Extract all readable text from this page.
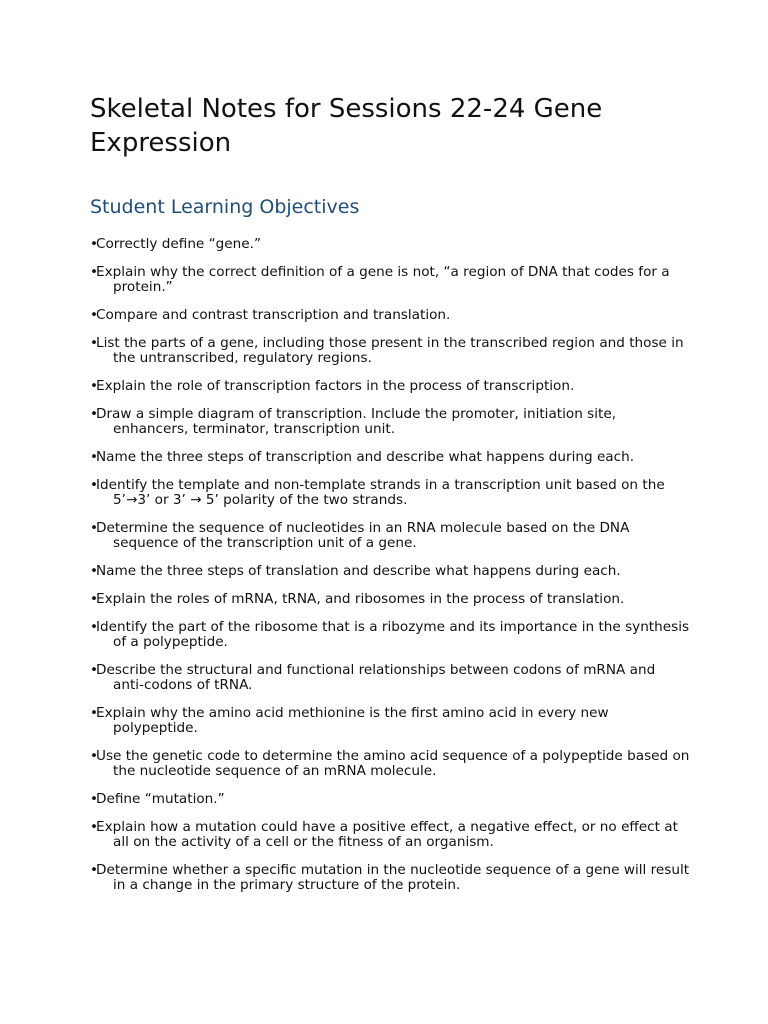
Skeletal Notes for Sessions 22-24 Gene Expression
Student Learning Objectives
•Correctly define “gene.”
•Explain why the correct definition of a gene is not, “a region of DNA that codes for a protein.”
•Compare and contrast transcription and translation.
•List the parts of a gene, including those present in the transcribed region and those in the untranscribed, regulatory regions.
•Explain the role of transcription factors in the process of transcription.
•Draw a simple diagram of transcription. Include the promoter, initiation site, enhancers, terminator, transcription unit.
•Name the three steps of transcription and describe what happens during each.
•Identify the template and non-template strands in a transcription unit based on the 5’→3’ or 3’ → 5’ polarity of the two strands.
•Determine the sequence of nucleotides in an RNA molecule based on the DNA sequence of the transcription unit of a gene.
•Name the three steps of translation and describe what happens during each.
•Explain the roles of mRNA, tRNA, and ribosomes in the process of translation.
•Identify the part of the ribosome that is a ribozyme and its importance in the synthesis of a polypeptide.
•Describe the structural and functional relationships between codons of mRNA and anti-codons of tRNA.
•Explain why the amino acid methionine is the first amino acid in every new polypeptide.
•Use the genetic code to determine the amino acid sequence of a polypeptide based on the nucleotide sequence of an mRNA molecule.
•Define “mutation.”
•Explain how a mutation could have a positive effect, a negative effect, or no effect at all on the activity of a cell or the fitness of an organism.
•Determine whether a specific mutation in the nucleotide sequence of a gene will result in a change in the primary structure of the protein.
